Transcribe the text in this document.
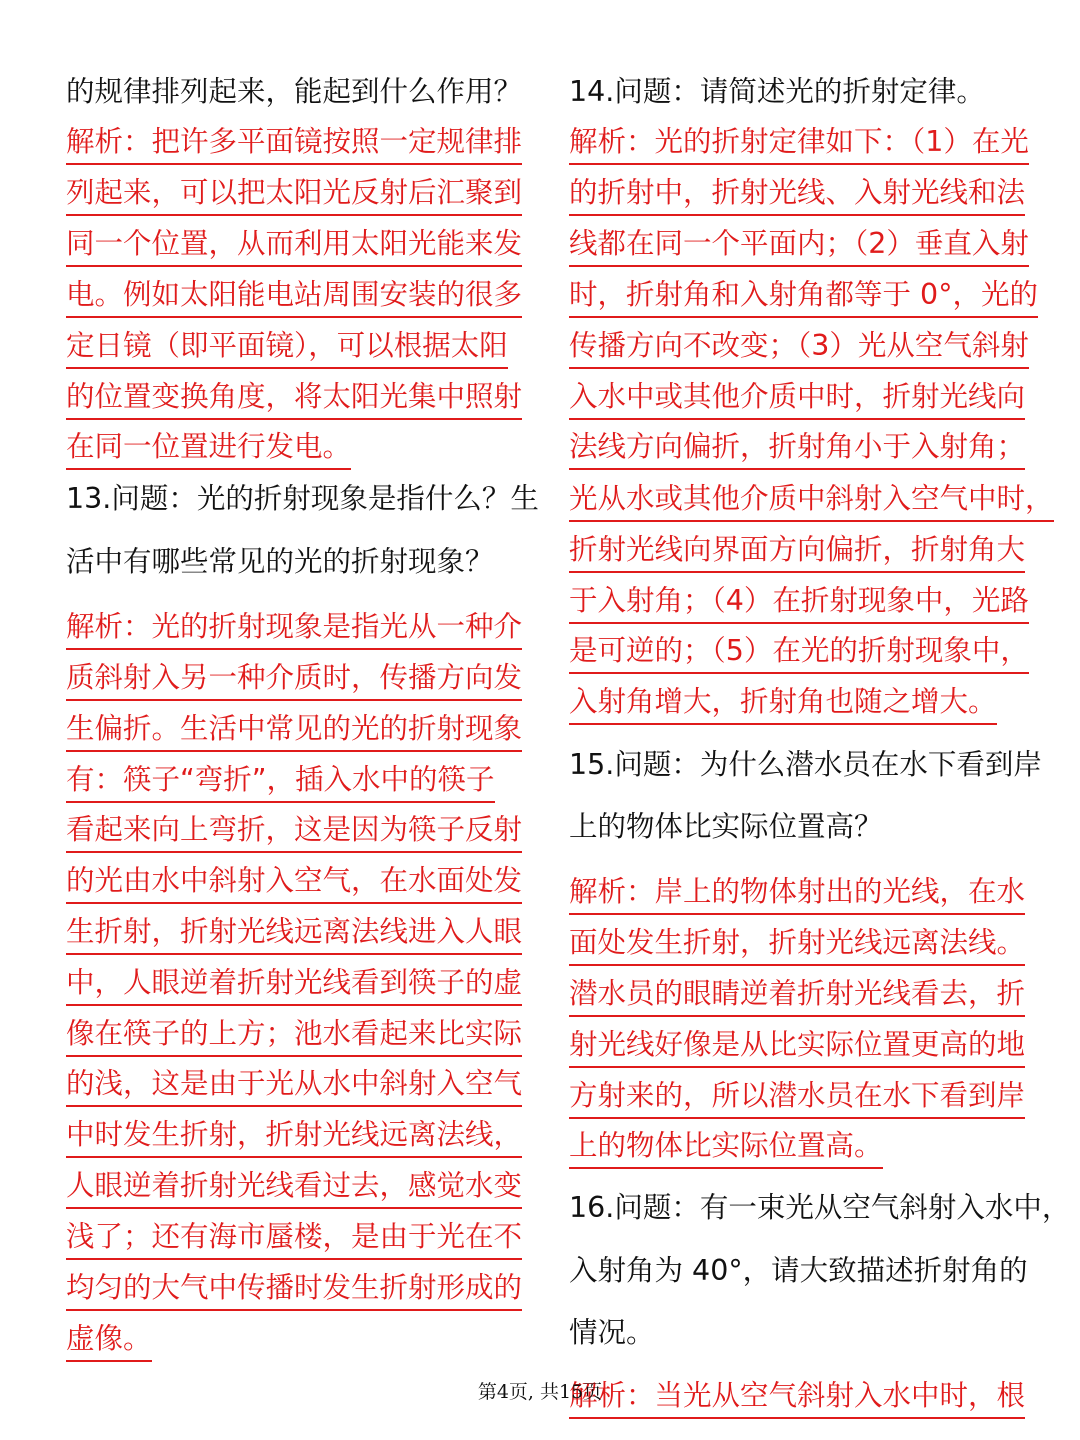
的规律排列起来，能起到什么作用？
解析：把许多平面镜按照一定规律排
列起来，可以把太阳光反射后汇聚到
同一个位置，从而利用太阳光能来发
电。例如太阳能电站周围安装的很多
定日镜（即平面镜），可以根据太阳
的位置变换角度，将太阳光集中照射
在同一位置进行发电。
13.问题：光的折射现象是指什么？生
活中有哪些常见的光的折射现象？
解析：光的折射现象是指光从一种介
质斜射入另一种介质时，传播方向发
生偏折。生活中常见的光的折射现象
有：筷子“弯折”，插入水中的筷子
看起来向上弯折，这是因为筷子反射
的光由水中斜射入空气，在水面处发
生折射，折射光线远离法线进入人眼
中，人眼逆着折射光线看到筷子的虚
像在筷子的上方；池水看起来比实际
的浅，这是由于光从水中斜射入空气
中时发生折射，折射光线远离法线，
人眼逆着折射光线看过去，感觉水变
浅了；还有海市蜃楼，是由于光在不
均匀的大气中传播时发生折射形成的
虚像。
14.问题：请简述光的折射定律。
解析：光的折射定律如下：（1）在光
的折射中，折射光线、入射光线和法
线都在同一个平面内；（2）垂直入射
时，折射角和入射角都等于 0°，光的
传播方向不改变；（3）光从空气斜射
入水中或其他介质中时，折射光线向
法线方向偏折，折射角小于入射角；
光从水或其他介质中斜射入空气中时，
折射光线向界面方向偏折，折射角大
于入射角；（4）在折射现象中，光路
是可逆的；（5）在光的折射现象中，
入射角增大，折射角也随之增大。
15.问题：为什么潜水员在水下看到岸
上的物体比实际位置高？
解析：岸上的物体射出的光线，在水
面处发生折射，折射光线远离法线。
潜水员的眼睛逆着折射光线看去，折
射光线好像是从比实际位置更高的地
方射来的，所以潜水员在水下看到岸
上的物体比实际位置高。
16.问题：有一束光从空气斜射入水中，
入射角为 40°，请大致描述折射角的
情况。
解析：当光从空气斜射入水中时，根
第4页, 共15页
